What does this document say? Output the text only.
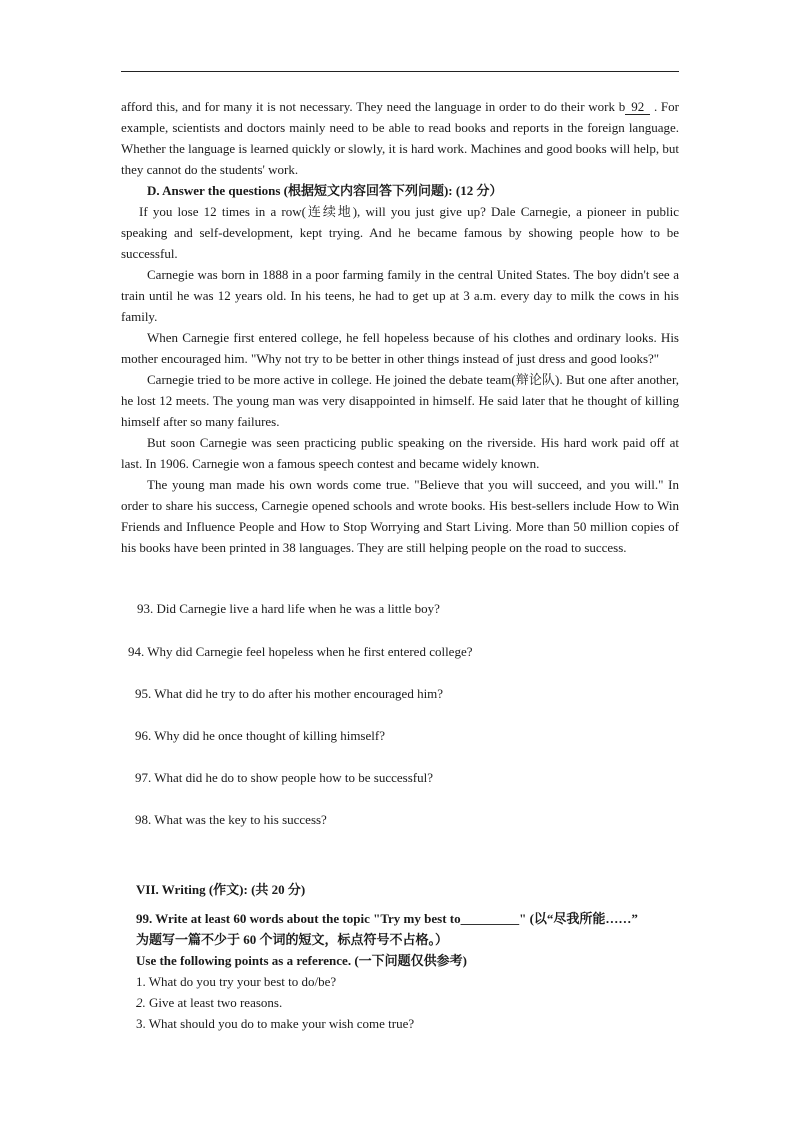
afford this, and for many it is not necessary. They need the language in order to do their work b 92 . For example, scientists and doctors mainly need to be able to read books and reports in the foreign language. Whether the language is learned quickly or slowly, it is hard work. Machines and good books will help, but they cannot do the students' work.

D. Answer the questions (根据短文内容回答下列问题): (12 分）

If you lose 12 times in a row(连续地), will you just give up? Dale Carnegie, a pioneer in public speaking and self-development, kept trying. And he became famous by showing people how to be successful.

Carnegie was born in 1888 in a poor farming family in the central United States. The boy didn't see a train until he was 12 years old. In his teens, he had to get up at 3 a.m. every day to milk the cows in his family.

When Carnegie first entered college, he fell hopeless because of his clothes and ordinary looks. His mother encouraged him. "Why not try to be better in other things instead of just dress and good looks?"

Carnegie tried to be more active in college. He joined the debate team(辩论队). But one after another, he lost 12 meets. The young man was very disappointed in himself. He said later that he thought of killing himself after so many failures.

But soon Carnegie was seen practicing public speaking on the riverside. His hard work paid off at last. In 1906. Carnegie won a famous speech contest and became widely known.

The young man made his own words come true. "Believe that you will succeed, and you will." In order to share his success, Carnegie opened schools and wrote books. His best-sellers include How to Win Friends and Influence People and How to Stop Worrying and Start Living. More than 50 million copies of his books have been printed in 38 languages. They are still helping people on the road to success.

93. Did Carnegie live a hard life when he was a little boy?
94. Why did Carnegie feel hopeless when he first entered college?
95. What did he try to do after his mother encouraged him?
96. Why did he once thought of killing himself?
97. What did he do to show people how to be successful?
98. What was the key to his success?

VII. Writing (作文): (共 20 分)

99. Write at least 60 words about the topic "Try my best to_________" (以“尽我所能……”

为题写一篇不少于 60 个词的短文，标点符号不占格。）

Use the following points as a reference. (一下问题仅供参考)

1. What do you try your best to do/be?

2. Give at least two reasons.

3. What should you do to make your wish come true?
